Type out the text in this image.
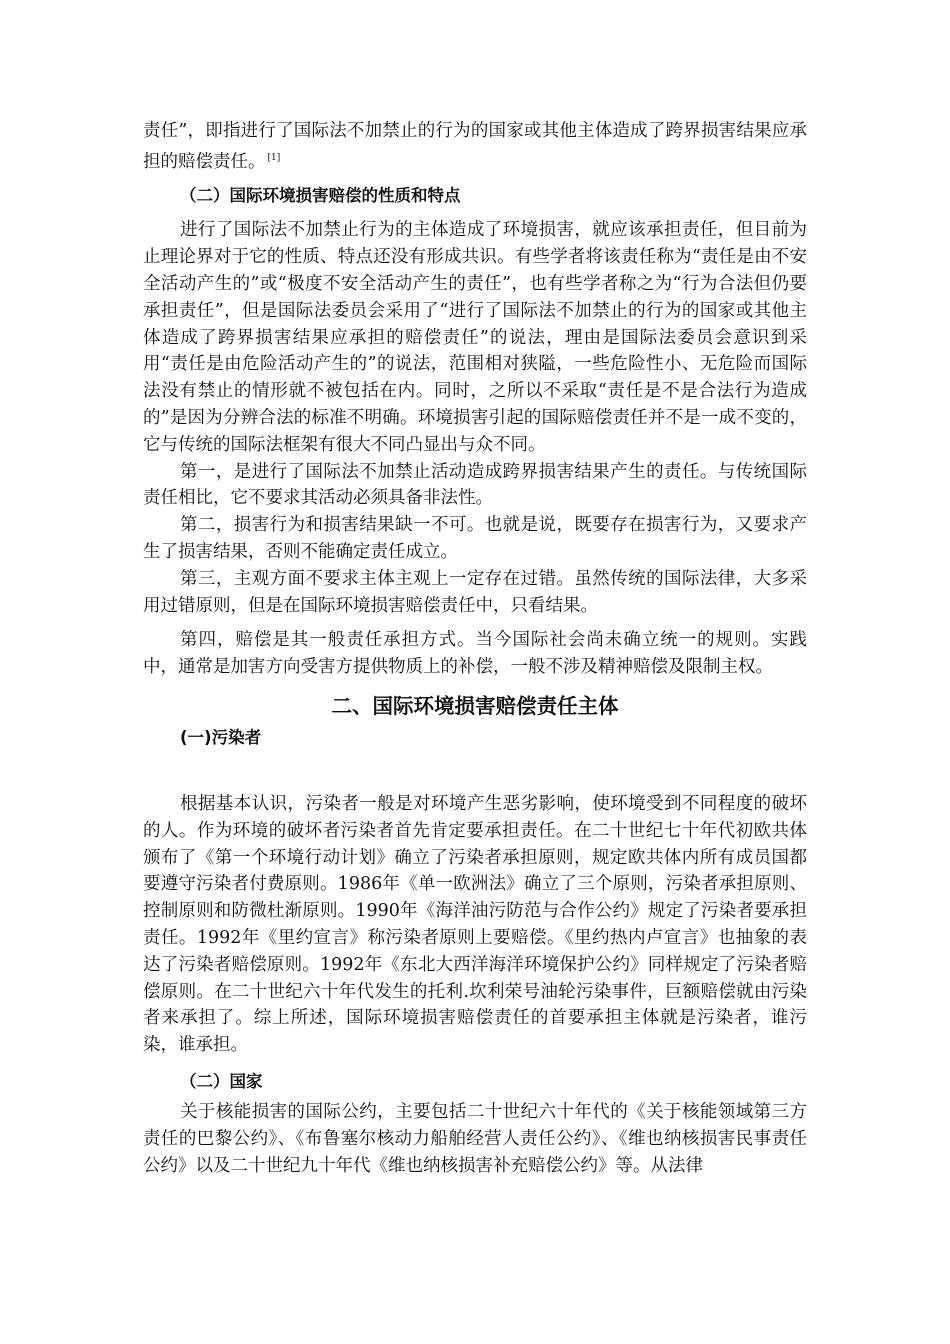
责任”，即指进行了国际法不加禁止的行为的国家或其他主体造成了跨界损害结果应承担的赔偿责任。 [1]

（二）国际环境损害赔偿的性质和特点

进行了国际法不加禁止行为的主体造成了环境损害，就应该承担责任，但目前为止理论界对于它的性质、特点还没有形成共识。有些学者将该责任称为“责任是由不安全活动产生的”或“极度不安全活动产生的责任”，也有些学者称之为“行为合法但仍要承担责任”，但是国际法委员会采用了“进行了国际法不加禁止的行为的国家或其他主体造成了跨界损害结果应承担的赔偿责任”的说法，理由是国际法委员会意识到采用“责任是由危险活动产生的”的说法，范围相对狭隘，一些危险性小、无危险而国际法没有禁止的情形就不被包括在内。同时，之所以不采取“责任是不是合法行为造成的”是因为分辨合法的标准不明确。环境损害引起的国际赔偿责任并不是一成不变的，它与传统的国际法框架有很大不同凸显出与众不同。

第一，是进行了国际法不加禁止活动造成跨界损害结果产生的责任。与传统国际责任相比，它不要求其活动必须具备非法性。

第二，损害行为和损害结果缺一不可。也就是说，既要存在损害行为，又要求产生了损害结果，否则不能确定责任成立。

第三，主观方面不要求主体主观上一定存在过错。虽然传统的国际法律，大多采用过错原则，但是在国际环境损害赔偿责任中，只看结果。

第四，赔偿是其一般责任承担方式。当今国际社会尚未确立统一的规则。实践中，通常是加害方向受害方提供物质上的补偿，一般不涉及精神赔偿及限制主权。

二、国际环境损害赔偿责任主体

(一)污染者

根据基本认识，污染者一般是对环境产生恶劣影响，使环境受到不同程度的破坏的人。作为环境的破坏者污染者首先肯定要承担责任。在二十世纪七十年代初欧共体颁布了《第一个环境行动计划》确立了污染者承担原则，规定欧共体内所有成员国都要遵守污染者付费原则。1986年《单一欧洲法》确立了三个原则，污染者承担原则、控制原则和防微杜渐原则。1990年《海洋油污防范与合作公约》规定了污染者要承担责任。1992年《里约宣言》称污染者原则上要赔偿。《里约热内卢宣言》也抽象的表达了污染者赔偿原则。1992年《东北大西洋海洋环境保护公约》同样规定了污染者赔偿原则。在二十世纪六十年代发生的托利.坎利荣号油轮污染事件，巨额赔偿就由污染者来承担了。综上所述，国际环境损害赔偿责任的首要承担主体就是污染者，谁污染，谁承担。

（二）国家

关于核能损害的国际公约，主要包括二十世纪六十年代的《关于核能领域第三方责任的巴黎公约》、《布鲁塞尔核动力船舶经营人责任公约》、《维也纳核损害民事责任公约》以及二十世纪九十年代《维也纳核损害补充赔偿公约》等。从法律
